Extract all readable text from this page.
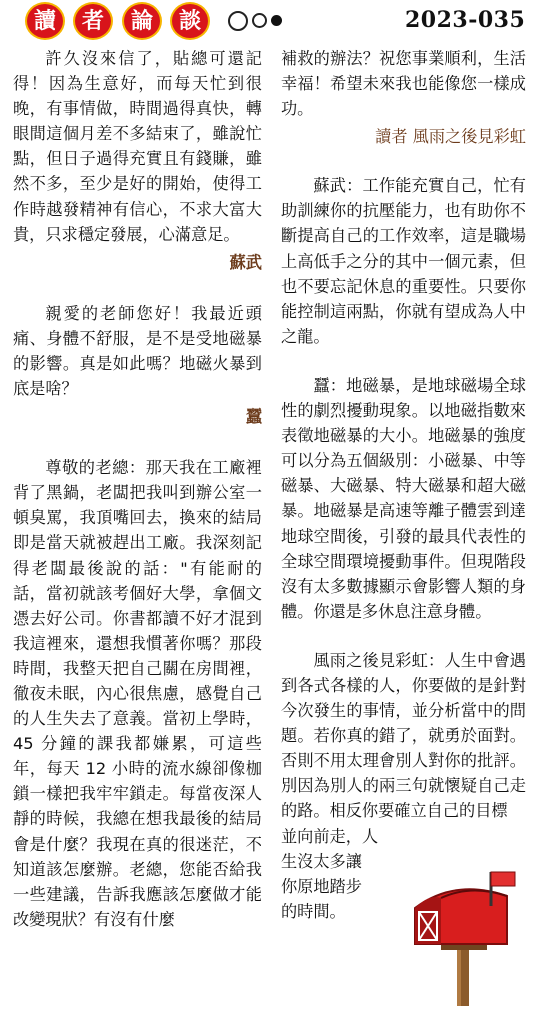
讀	者	論	談	2023-035

許久沒來信了，貼總可還記得！因為生意好，而每天忙到很晚，有事情做，時間過得真快，轉眼間這個月差不多結束了，雖說忙點，但日子過得充實且有錢賺，雖然不多，至少是好的開始，使得工作時越發精神有信心，不求大富大貴，只求穩定發展，心滿意足。

蘇武

親愛的老師您好！我最近頭痛、身體不舒服，是不是受地磁暴的影響。真是如此嗎？地磁火暴到底是啥？

蠶

尊敬的老總：那天我在工廠裡背了黑鍋，老闆把我叫到辦公室一頓臭罵，我頂嘴回去，換來的結局即是當天就被趕出工廠。我深刻記得老闆最後說的話："有能耐的話，當初就該考個好大學，拿個文憑去好公司。你書都讀不好才混到我這裡來，還想我慣著你嗎？那段時間，我整天把自己關在房間裡，徹夜未眠，內心很焦慮，感覺自己的人生失去了意義。當初上學時，45 分鐘的課我都嫌累，可這些年，每天 12 小時的流水線卻像枷鎖一樣把我牢牢鎖走。每當夜深人靜的時候，我總在想我最後的結局會是什麼？我現在真的很迷茫，不知道該怎麼辦。老總，您能否給我一些建議，告訴我應該怎麼做才能改變現狀？有沒有什麼

補救的辦法？祝您事業順利，生活幸福！希望未來我也能像您一樣成功。

讀者 風雨之後見彩虹

蘇武：工作能充實自己，忙有助訓練你的抗壓能力，也有助你不斷提高自己的工作效率，這是職場上高低手之分的其中一個元素，但也不要忘記休息的重要性。只要你能控制這兩點，你就有望成為人中之龍。

蠶：地磁暴，是地球磁場全球性的劇烈擾動現象。以地磁指數來表徵地磁暴的大小。地磁暴的強度可以分為五個級別：小磁暴、中等磁暴、大磁暴、特大磁暴和超大磁暴。地磁暴是高速等離子體雲到達地球空間後，引發的最具代表性的全球空間環境擾動事件。但現階段沒有太多數據顯示會影響人類的身體。你還是多休息注意身體。

風雨之後見彩虹：人生中會遇到各式各樣的人，你要做的是針對今次發生的事情，並分析當中的問題。若你真的錯了，就勇於面對。否則不用太理會別人對你的批評。別因為別人的兩三句就懷疑自己走的路。相反你要確立自己的目標

並向前走，人

生沒太多讓

你原地踏步

的時間。
